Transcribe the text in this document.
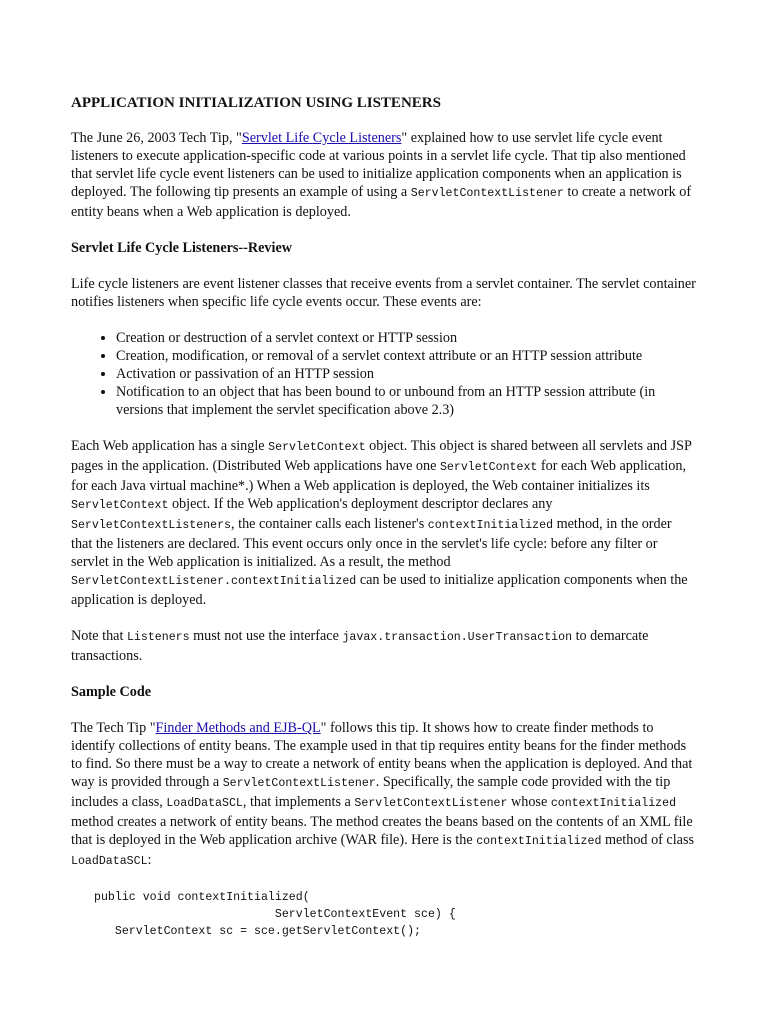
APPLICATION INITIALIZATION USING LISTENERS

The June 26, 2003 Tech Tip, "Servlet Life Cycle Listeners" explained how to use servlet life cycle event listeners to execute application-specific code at various points in a servlet life cycle. That tip also mentioned that servlet life cycle event listeners can be used to initialize application components when an application is deployed. The following tip presents an example of using a ServletContextListener to create a network of entity beans when a Web application is deployed.

Servlet Life Cycle Listeners--Review

Life cycle listeners are event listener classes that receive events from a servlet container. The servlet container notifies listeners when specific life cycle events occur. These events are:

• Creation or destruction of a servlet context or HTTP session
• Creation, modification, or removal of a servlet context attribute or an HTTP session attribute
• Activation or passivation of an HTTP session
• Notification to an object that has been bound to or unbound from an HTTP session attribute (in versions that implement the servlet specification above 2.3)

Each Web application has a single ServletContext object. This object is shared between all servlets and JSP pages in the application. (Distributed Web applications have one ServletContext for each Web application, for each Java virtual machine*.) When a Web application is deployed, the Web container initializes its ServletContext object. If the Web application's deployment descriptor declares any ServletContextListeners, the container calls each listener's contextInitialized method, in the order that the listeners are declared. This event occurs only once in the servlet's life cycle: before any filter or servlet in the Web application is initialized. As a result, the method ServletContextListener.contextInitialized can be used to initialize application components when the application is deployed.

Note that Listeners must not use the interface javax.transaction.UserTransaction to demarcate transactions.

Sample Code

The Tech Tip "Finder Methods and EJB-QL" follows this tip. It shows how to create finder methods to identify collections of entity beans. The example used in that tip requires entity beans for the finder methods to find. So there must be a way to create a network of entity beans when the application is deployed. And that way is provided through a ServletContextListener. Specifically, the sample code provided with the tip includes a class, LoadDataSCL, that implements a ServletContextListener whose contextInitialized method creates a network of entity beans. The method creates the beans based on the contents of an XML file that is deployed in the Web application archive (WAR file). Here is the contextInitialized method of class LoadDataSCL:

public void contextInitialized(
ServletContextEvent sce) {
ServletContext sc = sce.getServletContext();
